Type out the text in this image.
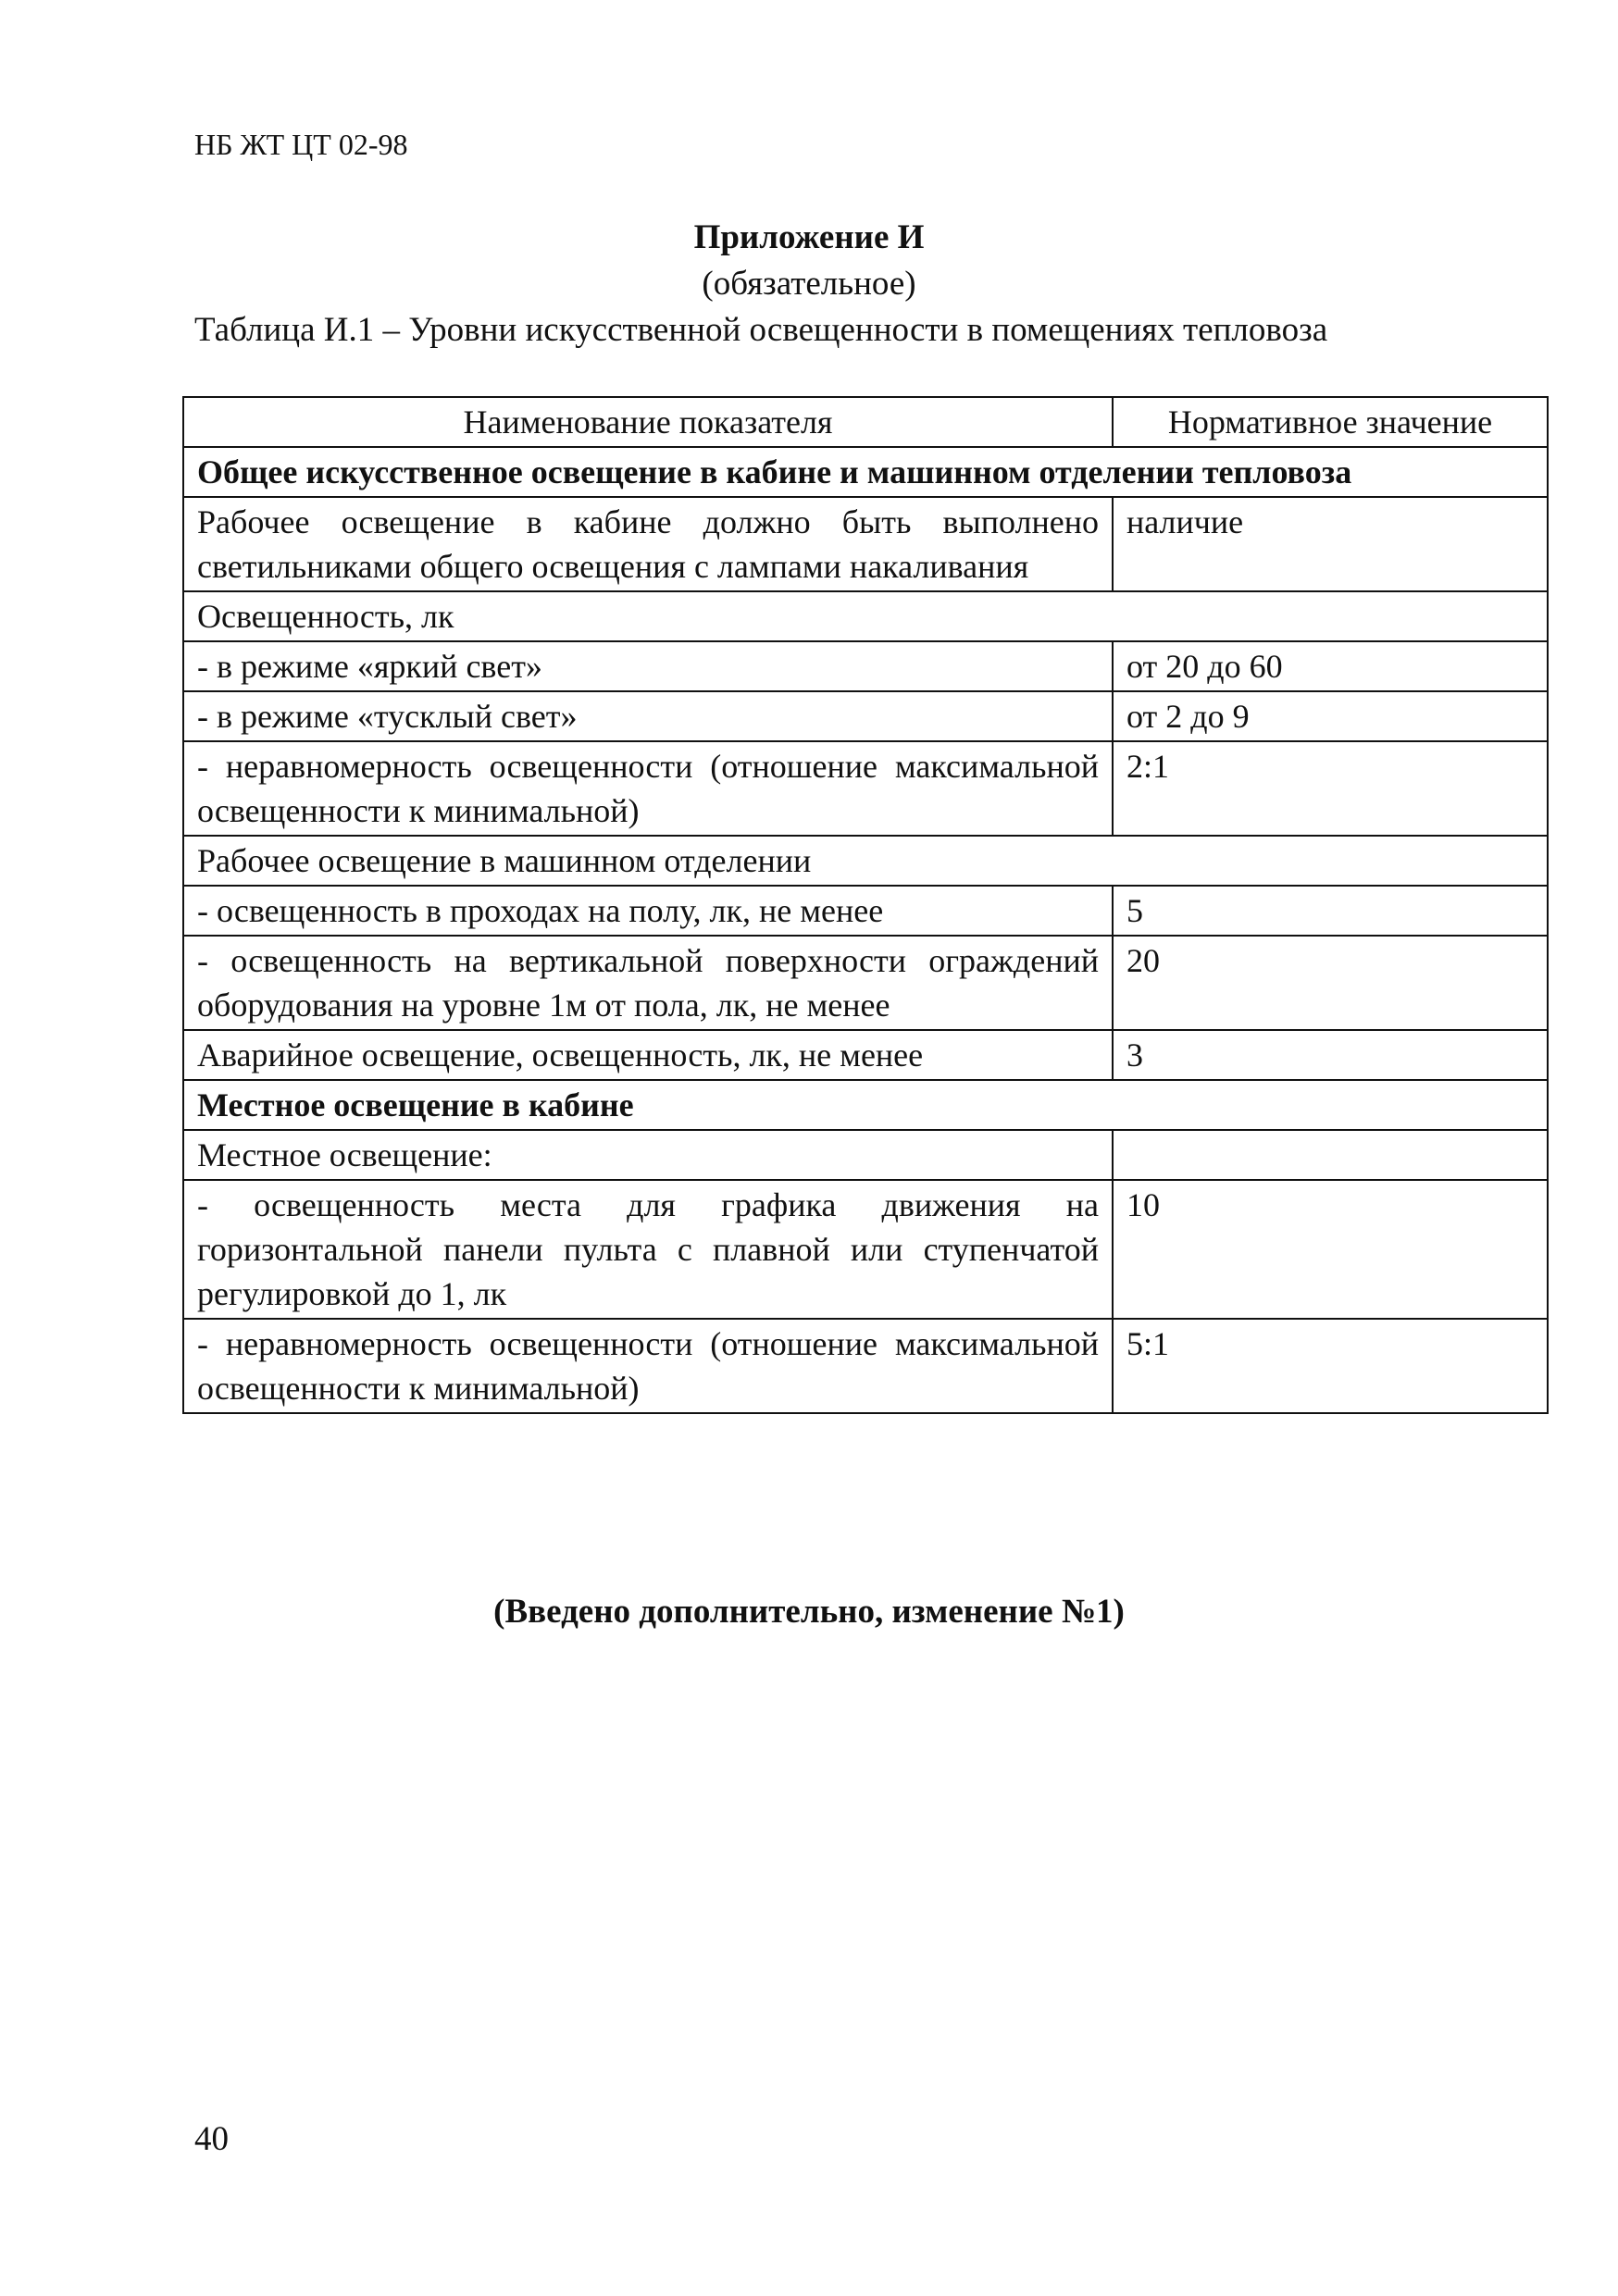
НБ ЖТ ЦТ 02-98
Приложение И
(обязательное)
Таблица И.1 – Уровни искусственной освещенности в помещениях тепловоза
Наименование показателя	Нормативное значение
Общее искусственное освещение в кабине и машинном отделении тепловоза	
Рабочее освещение в кабине должно быть выполнено светильниками общего освещения с лампами накаливания	наличие
Освещенность, лк	
- в режиме «яркий свет»	от 20 до 60
- в режиме «тусклый свет»	от 2 до 9
- неравномерность освещенности (отношение максимальной освещенности к минимальной)	2:1
Рабочее освещение в машинном отделении	
- освещенность в проходах на полу, лк, не менее	5
- освещенность на вертикальной поверхности ограждений оборудования на уровне 1м от пола, лк, не менее	20
Аварийное освещение, освещенность, лк, не менее	3
Местное освещение в кабине	
Местное освещение:	
- освещенность места для графика движения на горизонтальной панели пульта с плавной или ступенчатой регулировкой до 1, лк	10
- неравномерность освещенности (отношение максимальной освещенности к минимальной)	5:1
(Введено дополнительно, изменение №1)
40
